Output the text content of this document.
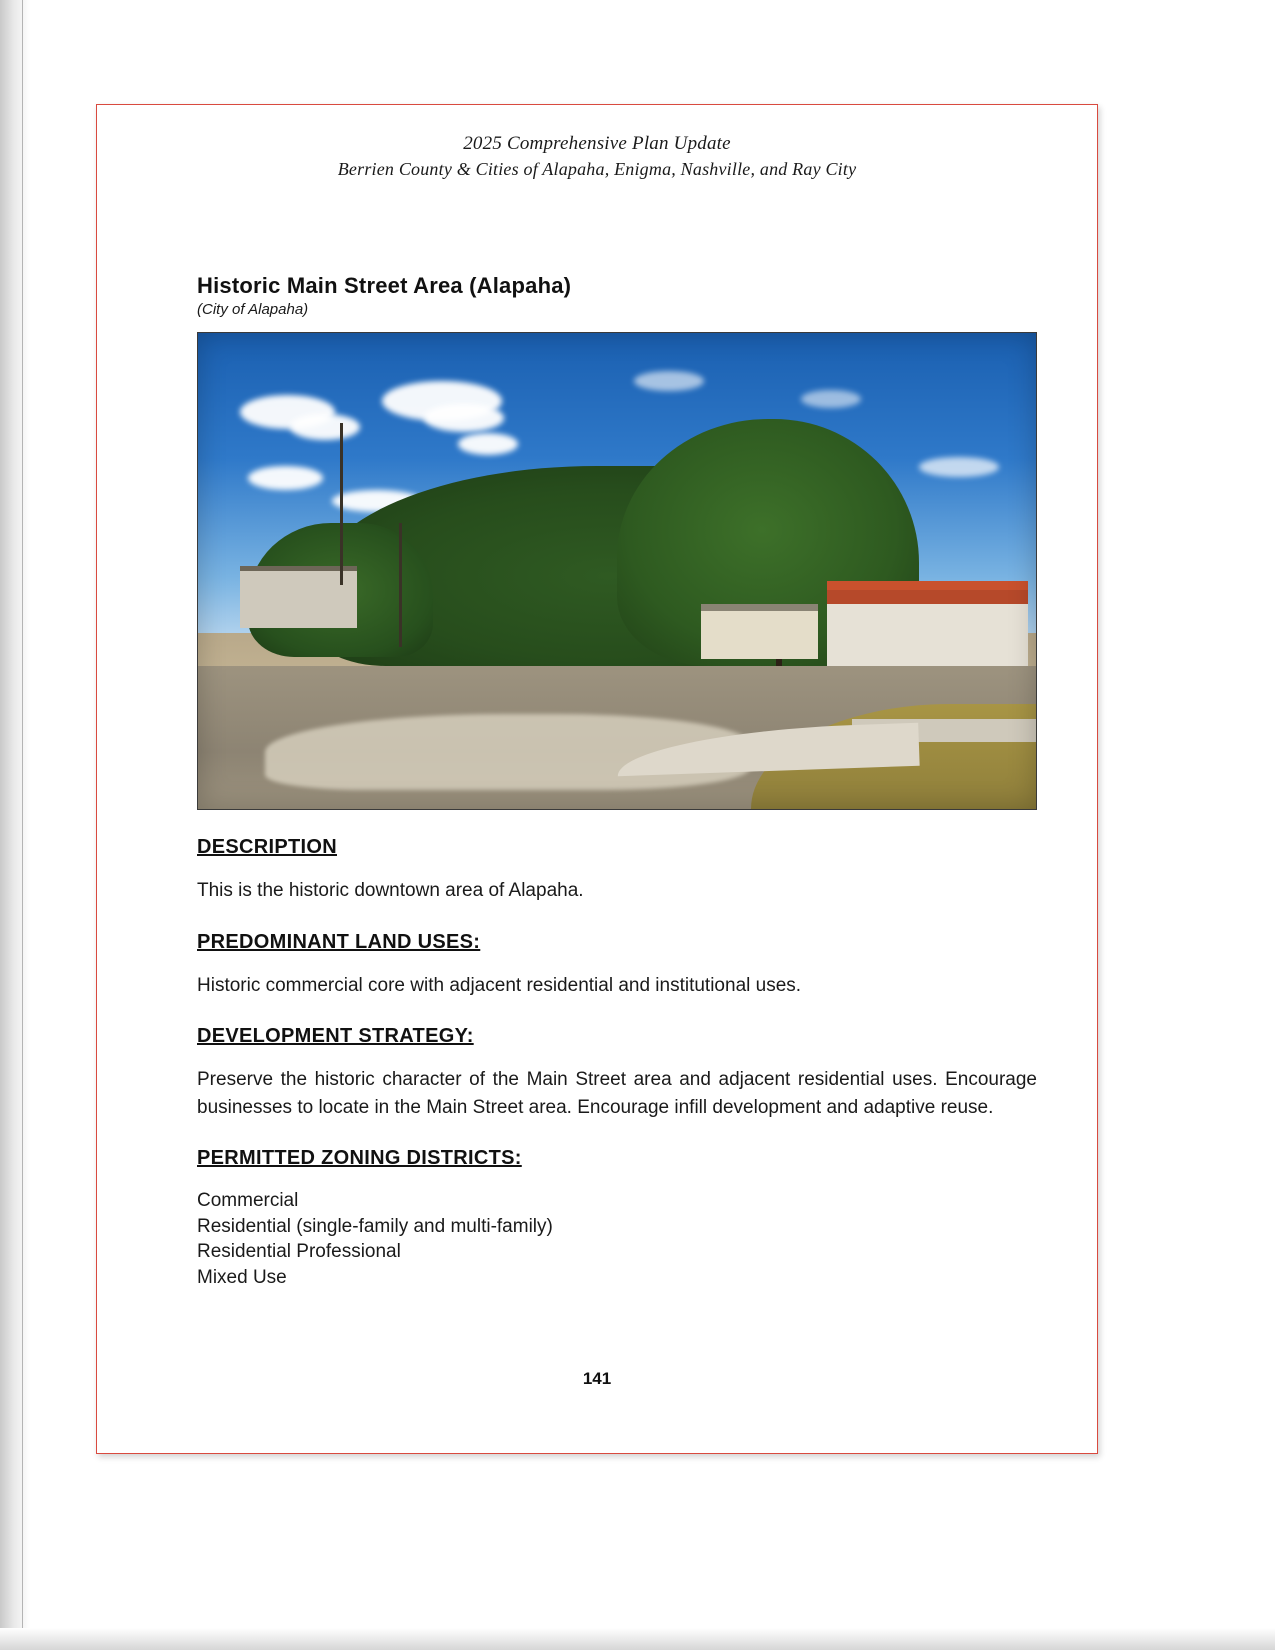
2025 Comprehensive Plan Update
Berrien County & Cities of Alapaha, Enigma, Nashville, and Ray City
Historic Main Street Area (Alapaha)
(City of Alapaha)
DESCRIPTION
This is the historic downtown area of Alapaha.
PREDOMINANT LAND USES:
Historic commercial core with adjacent residential and institutional uses.
DEVELOPMENT STRATEGY:
Preserve the historic character of the Main Street area and adjacent residential uses. Encourage businesses to locate in the Main Street area. Encourage infill development and adaptive reuse.
PERMITTED ZONING DISTRICTS:
Commercial
Residential (single-family and multi-family)
Residential Professional
Mixed Use
141
